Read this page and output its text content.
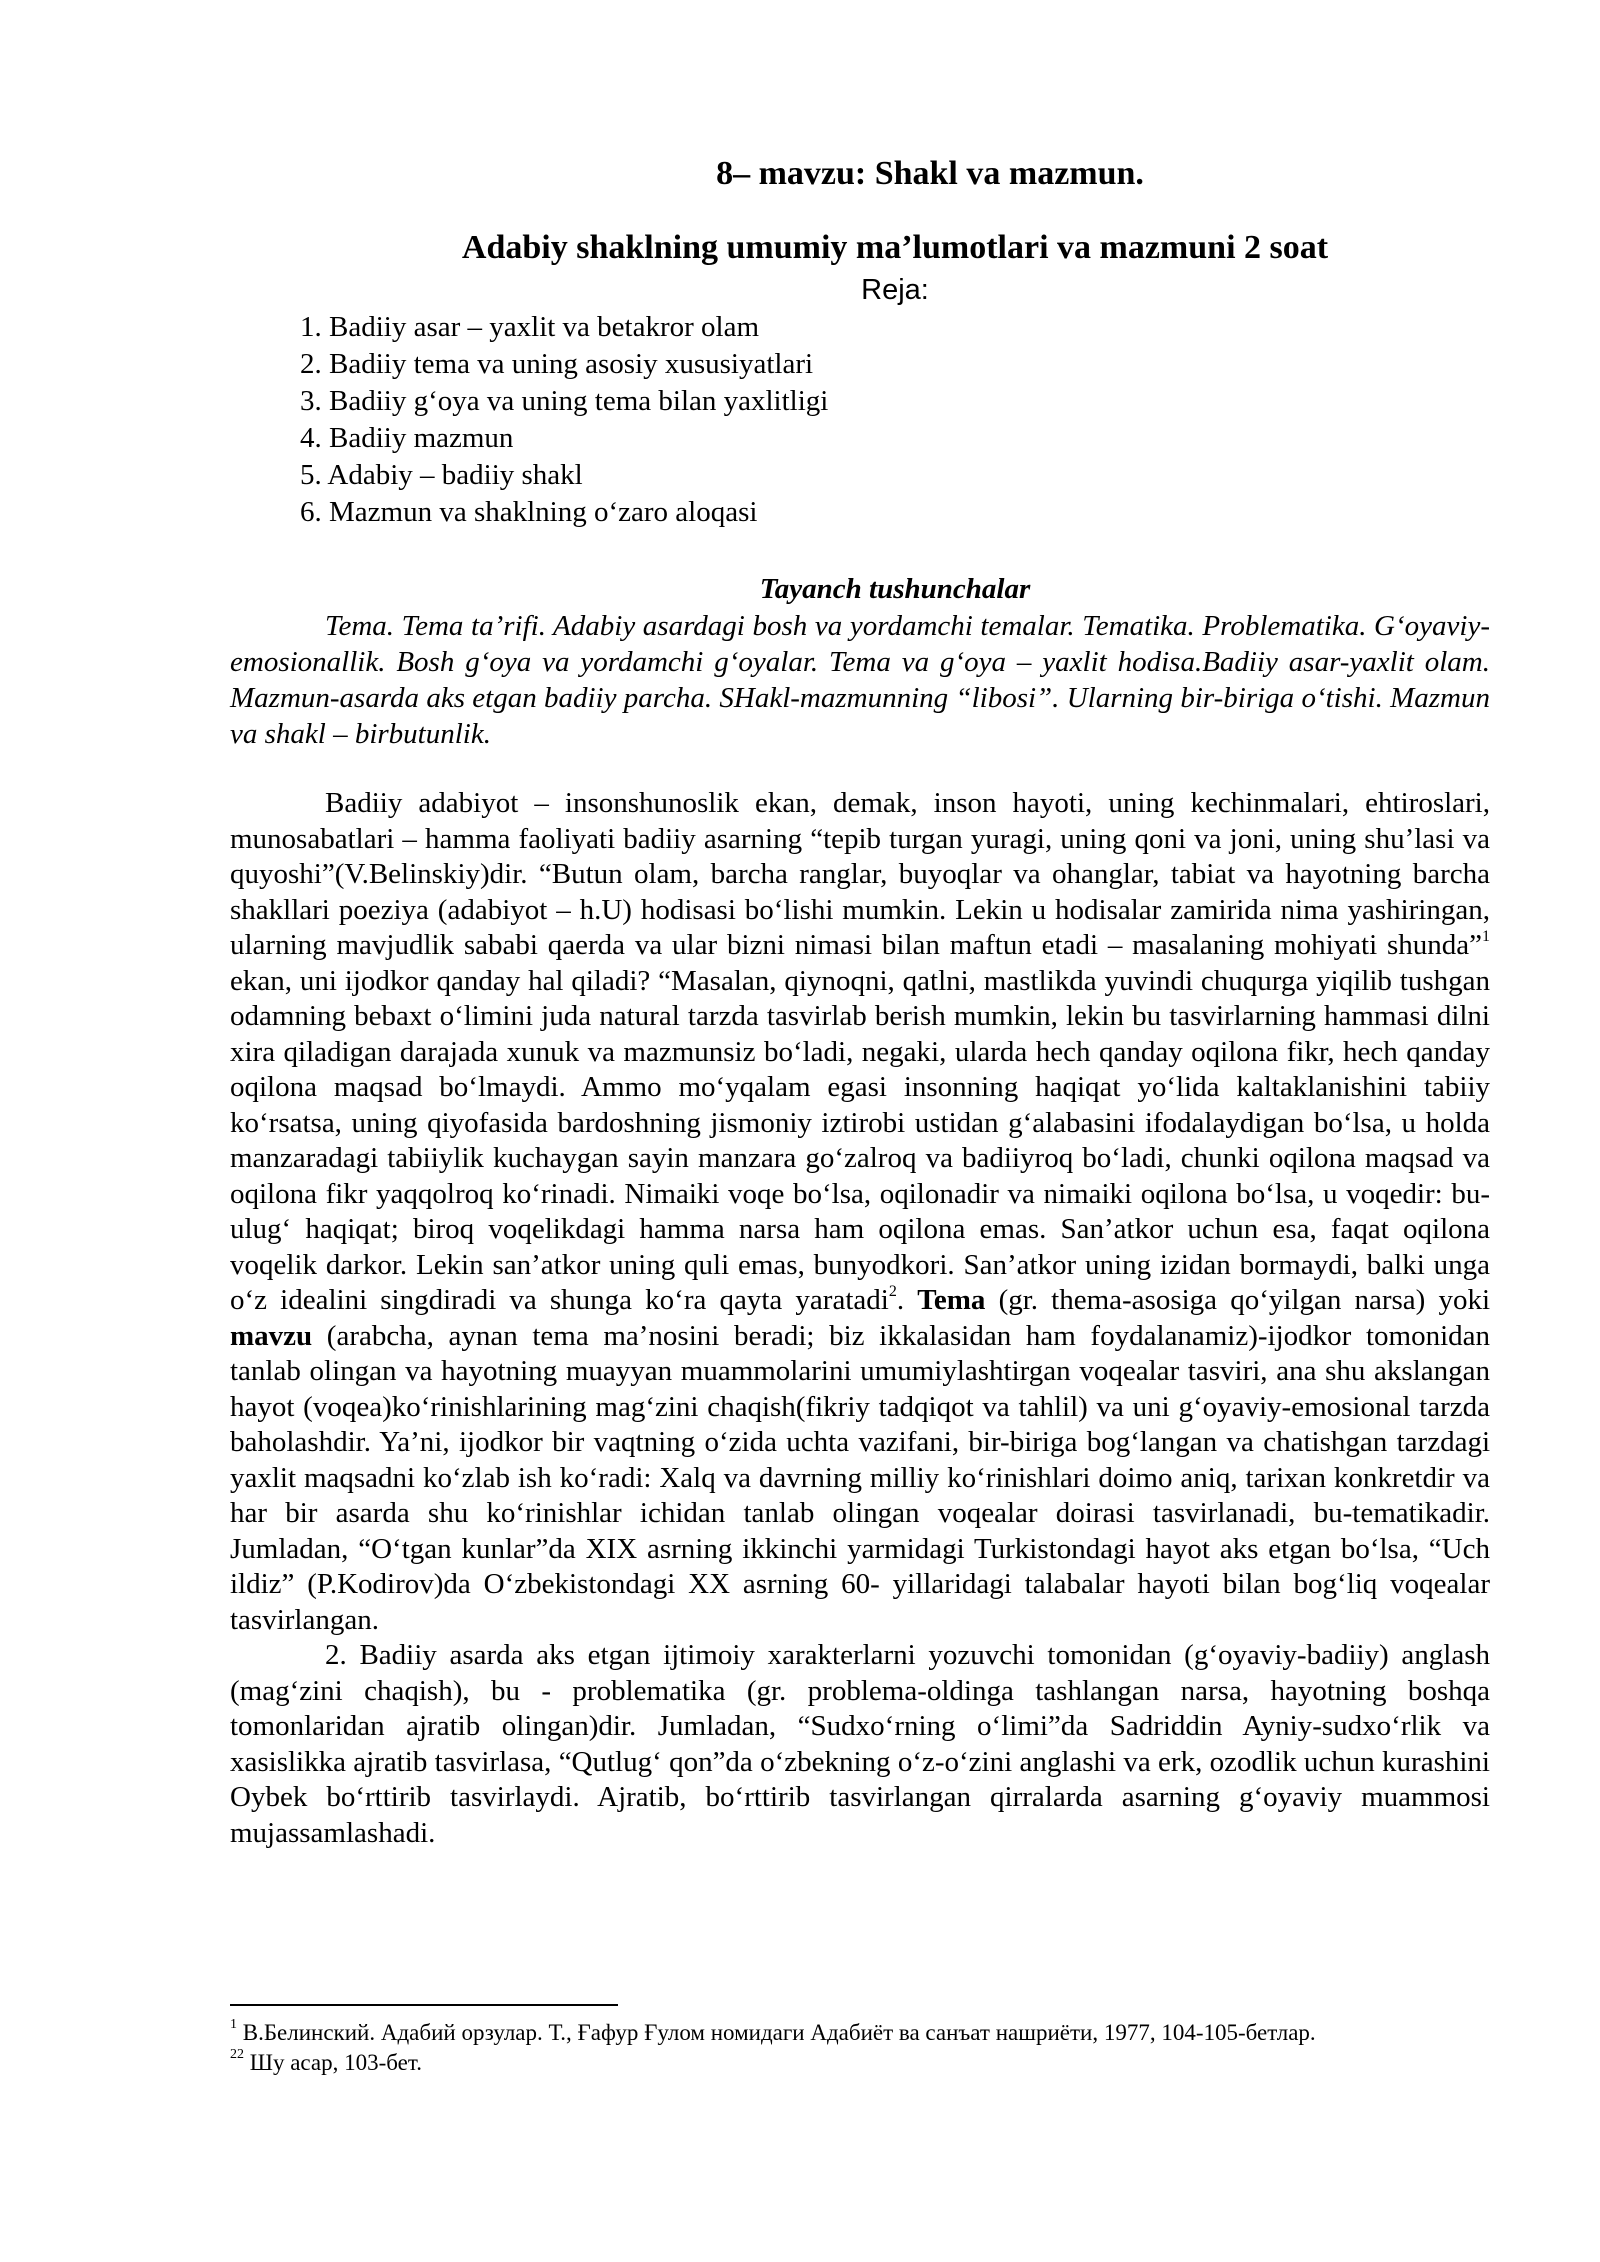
8– mavzu: Shakl va mazmun.
Adabiy shaklning umumiy ma’lumotlari va mazmuni 2 soat
Reja:
1. Badiiy asar – yaxlit va betakror olam
2. Badiiy tema va uning asosiy xususiyatlari
3. Badiiy g‘oya va uning tema bilan yaxlitligi
4. Badiiy mazmun
5. Adabiy – badiiy shakl
6. Mazmun va shaklning o‘zaro aloqasi
Tayanch tushunchalar

Tema. Tema ta’rifi. Adabiy asardagi bosh va yordamchi temalar. Tematika. Problematika. G‘oyaviy-emosionallik. Bosh g‘oya va yordamchi g‘oyalar. Tema va g‘oya – yaxlit hodisa.Badiiy asar-yaxlit olam. Mazmun-asarda aks etgan badiiy parcha. SHakl-mazmunning “libosi”. Ularning bir-biriga o‘tishi. Mazmun va shakl – birbutunlik.

Badiiy adabiyot – insonshunoslik ekan, demak, inson hayoti, uning kechinmalari, ehtiroslari, munosabatlari – hamma faoliyati badiiy asarning “tepib turgan yuragi, uning qoni va joni, uning shu’lasi va quyoshi”(V.Belinskiy)dir. “Butun olam, barcha ranglar, buyoqlar va ohanglar, tabiat va hayotning barcha shakllari poeziya (adabiyot – h.U) hodisasi bo‘lishi mumkin. Lekin u hodisalar zamirida nima yashiringan, ularning mavjudlik sababi qaerda va ular bizni nimasi bilan maftun etadi – masalaning mohiyati shunda”$^1$ ekan, uni ijodkor qanday hal qiladi? “Masalan, qiynoqni, qatlni, mastlikda yuvindi chuqurga yiqilib tushgan odamning bebaxt o‘limini juda natural tarzda tasvirlab berish mumkin, lekin bu tasvirlarning hammasi dilni xira qiladigan darajada xunuk va mazmunsiz bo‘ladi, negaki, ularda hech qanday oqilona fikr, hech qanday oqilona maqsad bo‘lmaydi. Ammo mo‘yqalam egasi insonning haqiqat yo‘lida kaltaklanishini tabiiy ko‘rsatsa, uning qiyofasida bardoshning jismoniy iztirobi ustidan g‘alabasini ifodalaydigan bo‘lsa, u holda manzaradagi tabiiylik kuchaygan sayin manzara go‘zalroq va badiiyroq bo‘ladi, chunki oqilona maqsad va oqilona fikr yaqqolroq ko‘rinadi. Nimaiki voqe bo‘lsa, oqilonadir va nimaiki oqilona bo‘lsa, u voqedir: bu-ulug‘ haqiqat; biroq voqelikdagi hamma narsa ham oqilona emas. San’atkor uchun esa, faqat oqilona voqelik darkor. Lekin san’atkor uning quli emas, bunyodkori. San’atkor uning izidan bormaydi, balki unga o‘z idealini singdiradi va shunga ko‘ra qayta yaratadi$^2$. Tema (gr. thema-asosiga qo‘yilgan narsa) yoki mavzu (arabcha, aynan tema ma’nosini beradi; biz ikkalasidan ham foydalanamiz)-ijodkor tomonidan tanlab olingan va hayotning muayyan muammolarini umumiylashtirgan voqealar tasviri, ana shu akslangan hayot (voqea)ko‘rinishlarining mag‘zini chaqish(fikriy tadqiqot va tahlil) va uni g‘oyaviy-emosional tarzda baholashdir. Ya’ni, ijodkor bir vaqtning o‘zida uchta vazifani, bir-biriga bog‘langan va chatishgan tarzdagi yaxlit maqsadni ko‘zlab ish ko‘radi: Xalq va davrning milliy ko‘rinishlari doimo aniq, tarixan konkretdir va har bir asarda shu ko‘rinishlar ichidan tanlab olingan voqealar doirasi tasvirlanadi, bu-tematikadir. Jumladan, “O‘tgan kunlar”da XIX asrning ikkinchi yarmidagi Turkistondagi hayot aks etgan bo‘lsa, “Uch ildiz” (P.Kodirov)da O‘zbekistondagi XX asrning 60- yillaridagi talabalar hayoti bilan bog‘liq voqealar tasvirlangan.

2. Badiiy asarda aks etgan ijtimoiy xarakterlarni yozuvchi tomonidan (g‘oyaviy-badiiy) anglash (mag‘zini chaqish), bu - problematika (gr. problema-oldinga tashlangan narsa, hayotning boshqa tomonlaridan ajratib olingan)dir. Jumladan, “Sudxo‘rning o‘limi”da Sadriddin Ayniy-sudxo‘rlik va xasislikka ajratib tasvirlasa, “Qutlug‘ qon”da o‘zbekning o‘z-o‘zini anglashi va erk, ozodlik uchun kurashini Oybek bo‘rttirib tasvirlaydi. Ajratib, bo‘rttirib tasvirlangan qirralarda asarning g‘oyaviy muammosi mujassamlashadi.

$^1$ В.Белинский. Адабий орзулар. Т., Ғафур Ғулом номидаги Адабиёт ва санъат нашриёти, 1977, 104-105-бетлар.
$^{22}$ Шу асар, 103-бет.
